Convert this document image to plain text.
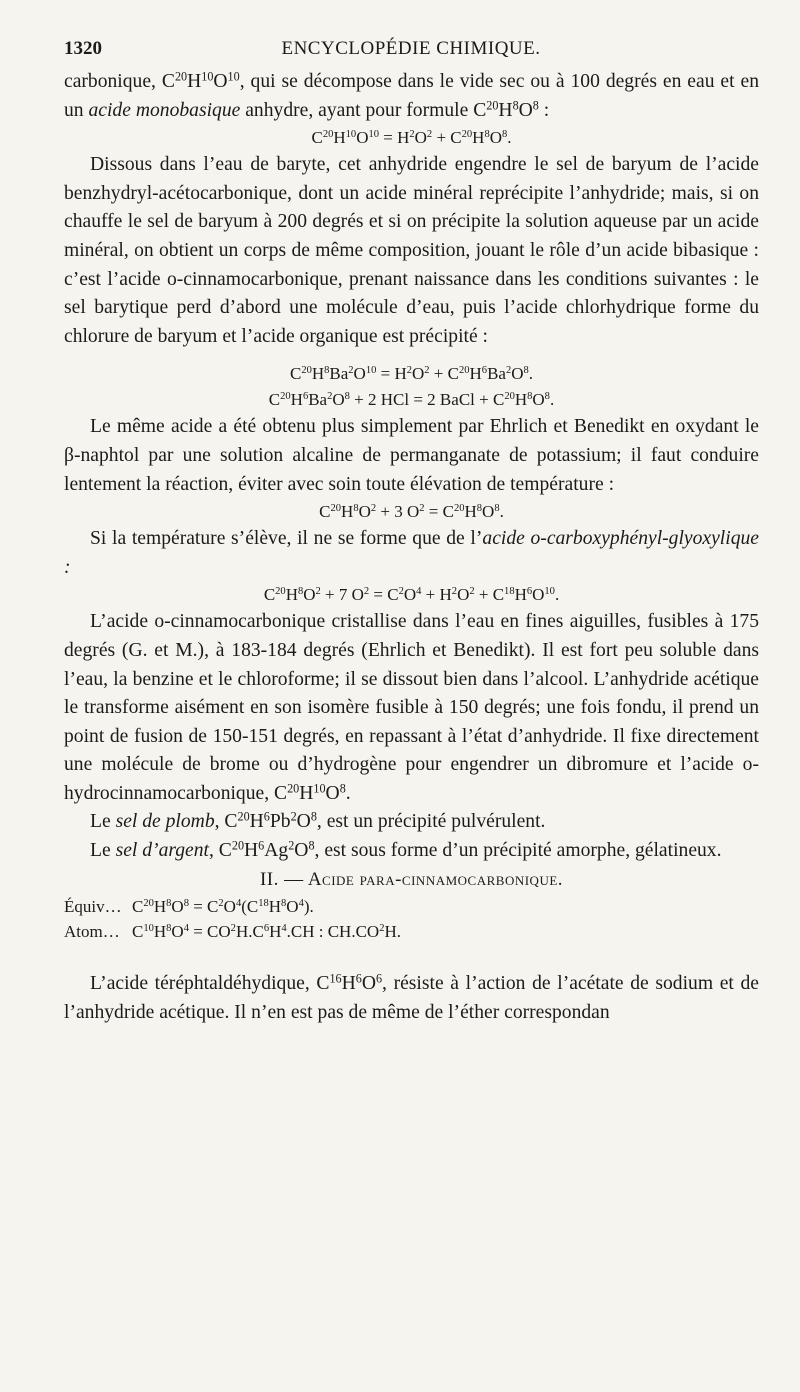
1320	ENCYCLOPÉDIE CHIMIQUE.

carbonique, $C^{20}H^{10}O^{10}$, qui se décompose dans le vide sec ou à 100 degrés en eau et en un acide monobasique anhydre, ayant pour formule $C^{20}H^8O^8$ :

$C^{20}H^{10}O^{10} = H^2O^2 + C^{20}H^8O^8$.

Dissous dans l’eau de baryte, cet anhydride engendre le sel de baryum de l’acide benzhydryl-acétocarbonique, dont un acide minéral reprécipite l’anhydride; mais, si on chauffe le sel de baryum à 200 degrés et si on précipite la solution aqueuse par un acide minéral, on obtient un corps de même composition, jouant le rôle d’un acide bibasique : c’est l’acide o-cinnamocarbonique, prenant naissance dans les conditions suivantes : le sel barytique perd d’abord une molécule d’eau, puis l’acide chlorhydrique forme du chlorure de baryum et l’acide organique est précipité :

$C^{20}H^8Ba^2O^{10} = H^2O^2 + C^{20}H^6Ba^2O^8$.

$C^{20}H^6Ba^2O^8 + 2$ HCl = 2 BaCl + $C^{20}H^8O^8$.

Le même acide a été obtenu plus simplement par Ehrlich et Benedikt en oxydant le β-naphtol par une solution alcaline de permanganate de potassium; il faut conduire lentement la réaction, éviter avec soin toute élévation de température :

$C^{20}H^8O^2 + 3$ $O^2 = C^{20}H^8O^8$.

Si la température s’élève, il ne se forme que de l’acide o-carboxyphényl-glyoxylique :

$C^{20}H^8O^2 + 7$ $O^2 = C^2O^4 + H^2O^2 + C^{18}H^6O^{10}$.

L’acide o-cinnamocarbonique cristallise dans l’eau en fines aiguilles, fusibles à 175 degrés (G. et M.), à 183-184 degrés (Ehrlich et Benedikt). Il est fort peu soluble dans l’eau, la benzine et le chloroforme; il se dissout bien dans l’alcool. L’anhydride acétique le transforme aisément en son isomère fusible à 150 degrés; une fois fondu, il prend un point de fusion de 150-151 degrés, en repassant à l’état d’anhydride. Il fixe directement une molécule de brome ou d’hydrogène pour engendrer un dibromure et l’acide o-hydrocinnamocarbonique, $C^{20}H^{10}O^8$.

Le sel de plomb, $C^{20}H^6Pb^2O^8$, est un précipité pulvérulent.

Le sel d’argent, $C^{20}H^6Ag^2O^8$, est sous forme d’un précipité amorphe, gélatineux.

II. — Acide para-cinnamocarbonique.

Équiv… $C^{20}H^8O^8 = C^2O^4(C^{18}H^8O^4)$.

Atom… $C^{10}H^8O^4 = CO^2H.C^6H^4.CH$ : $CH.CO^2H$.

L’acide téréphtaldéhydique, $C^{16}H^6O^6$, résiste à l’action de l’acétate de sodium et de l’anhydride acétique. Il n’en est pas de même de l’éther correspondan
